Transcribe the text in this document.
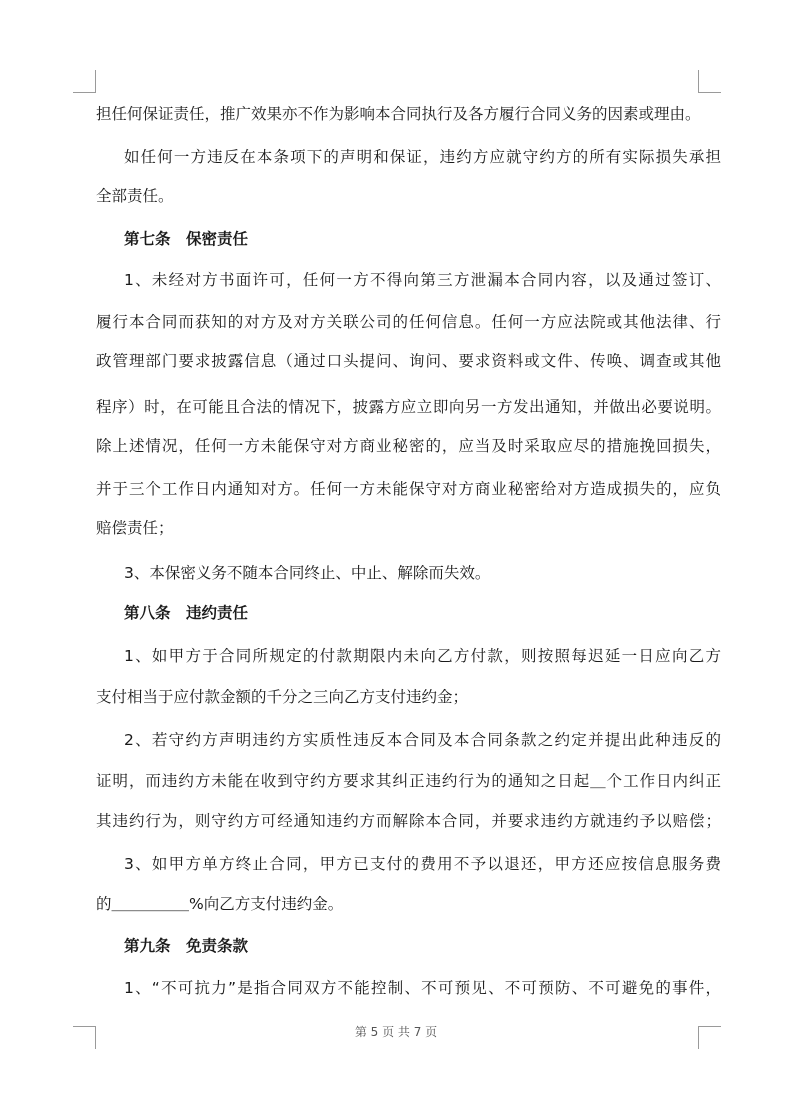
担任何保证责任，推广效果亦不作为影响本合同执行及各方履行合同义务的因素或理由。
如任何一方违反在本条项下的声明和保证，违约方应就守约方的所有实际损失承担
全部责任。
第七条　保密责任
1、未经对方书面许可，任何一方不得向第三方泄漏本合同内容，以及通过签订、
履行本合同而获知的对方及对方关联公司的任何信息。任何一方应法院或其他法律、行
政管理部门要求披露信息（通过口头提问、询问、要求资料或文件、传唤、调查或其他
程序）时，在可能且合法的情况下，披露方应立即向另一方发出通知，并做出必要说明。
除上述情况，任何一方未能保守对方商业秘密的，应当及时采取应尽的措施挽回损失，
并于三个工作日内通知对方。任何一方未能保守对方商业秘密给对方造成损失的，应负
赔偿责任；
3、本保密义务不随本合同终止、中止、解除而失效。
第八条　违约责任
1、如甲方于合同所规定的付款期限内未向乙方付款，则按照每迟延一日应向乙方
支付相当于应付款金额的千分之三向乙方支付违约金；
2、若守约方声明违约方实质性违反本合同及本合同条款之约定并提出此种违反的
证明，而违约方未能在收到守约方要求其纠正违约行为的通知之日起＿个工作日内纠正
其违约行为，则守约方可经通知违约方而解除本合同，并要求违约方就违约予以赔偿；
3、如甲方单方终止合同，甲方已支付的费用不予以退还，甲方还应按信息服务费
的＿＿＿＿＿%向乙方支付违约金。
第九条　免责条款
1、“不可抗力”是指合同双方不能控制、不可预见、不可预防、不可避免的事件，
第 5 页 共 7 页
